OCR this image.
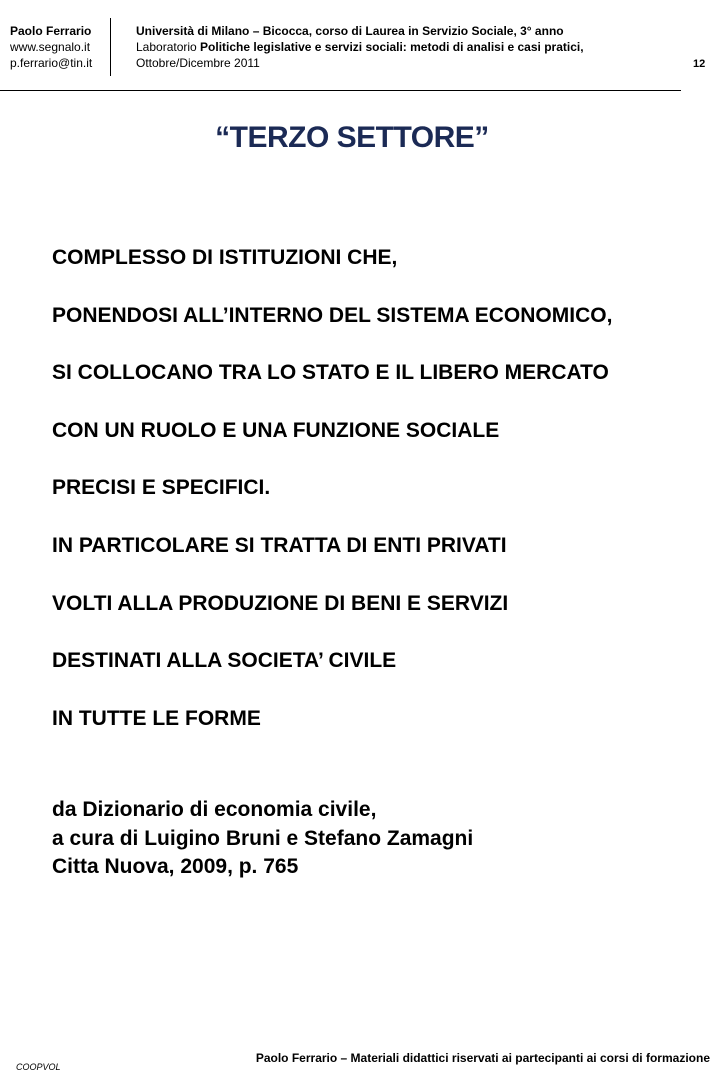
Paolo Ferrario
www.segnalo.it
p.ferrario@tin.it
Università di Milano – Bicocca, corso di Laurea in Servizio Sociale, 3° anno
Laboratorio Politiche legislative e servizi sociali: metodi di analisi e casi pratici,
Ottobre/Dicembre 2011	12
“TERZO SETTORE”
COMPLESSO DI ISTITUZIONI CHE,
PONENDOSI ALL’INTERNO DEL SISTEMA ECONOMICO,
SI COLLOCANO TRA LO STATO E IL LIBERO MERCATO
CON UN RUOLO E UNA FUNZIONE SOCIALE
PRECISI E SPECIFICI.
IN PARTICOLARE SI TRATTA DI ENTI PRIVATI
VOLTI ALLA PRODUZIONE DI BENI E SERVIZI
DESTINATI ALLA SOCIETA’ CIVILE
IN TUTTE LE FORME
da Dizionario di economia civile,
a cura di Luigino Bruni e Stefano Zamagni
Citta Nuova, 2009, p. 765
COOPVOL
Paolo Ferrario – Materiali didattici riservati ai partecipanti ai corsi di formazione
